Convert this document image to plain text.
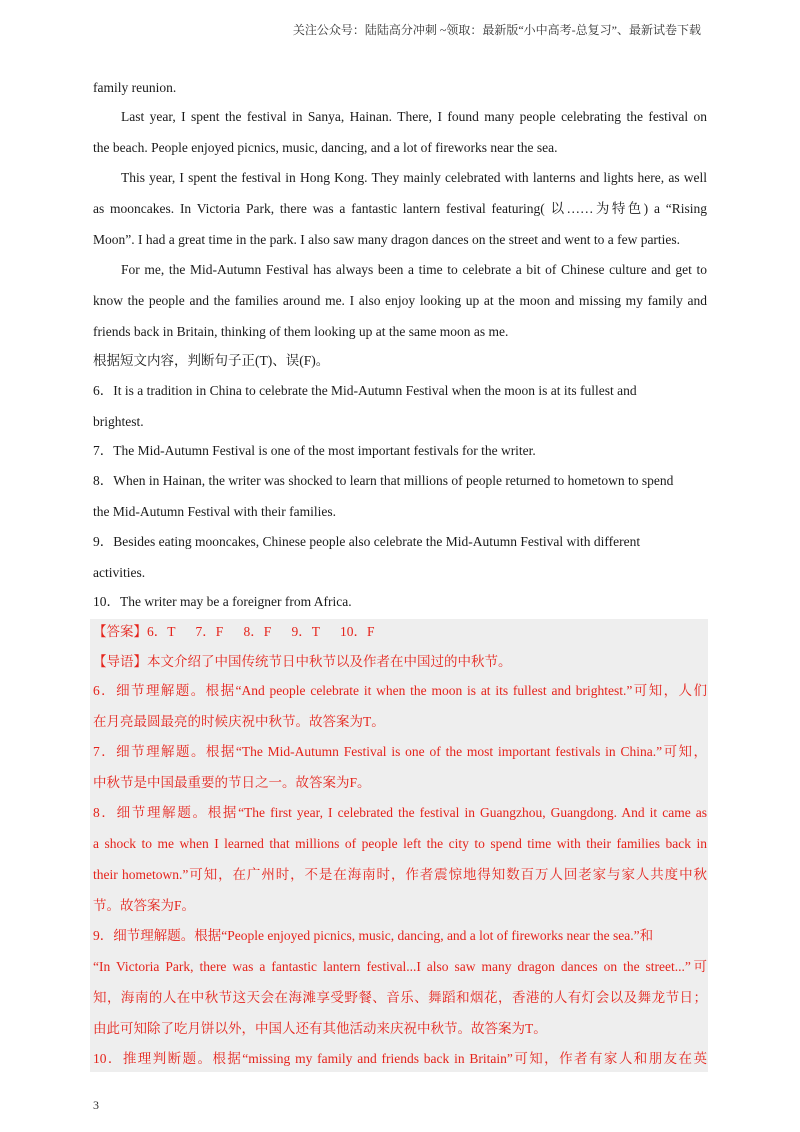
关注公众号：陆陆高分冲刺 ~领取：最新版“小中高考-总复习”、最新试卷下载
family reunion.
Last year, I spent the festival in Sanya, Hainan. There, I found many people celebrating the festival on
the beach. People enjoyed picnics, music, dancing, and a lot of fireworks near the sea.
This year, I spent the festival in Hong Kong. They mainly celebrated with lanterns and lights here, as well
as mooncakes. In Victoria Park, there was a fantastic lantern festival featuring( 以……为特色) a “Rising
Moon”. I had a great time in the park. I also saw many dragon dances on the street and went to a few parties.
For me, the Mid-Autumn Festival has always been a time to celebrate a bit of Chinese culture and get to
know the people and the families around me. I also enjoy looking up at the moon and missing my family and
friends back in Britain, thinking of them looking up at the same moon as me.
根据短文内容，判断句子正(T)、误(F)。
6．It is a tradition in China to celebrate the Mid-Autumn Festival when the moon is at its fullest and
brightest.
7．The Mid-Autumn Festival is one of the most important festivals for the writer.
8．When in Hainan, the writer was shocked to learn that millions of people returned to hometown to spend
the Mid-Autumn Festival with their families.
9．Besides eating mooncakes, Chinese people also celebrate the Mid-Autumn Festival with different
activities.
10．The writer may be a foreigner from Africa.
【答案】6．T      7．F      8．F      9．T      10．F
【导语】本文介绍了中国传统节日中秋节以及作者在中国过的中秋节。
6．细节理解题。根据“And people celebrate it when the moon is at its fullest and brightest.”可知，人们
在月亮最圆最亮的时候庆祝中秋节。故答案为T。
7．细节理解题。根据“The Mid-Autumn Festival is one of the most important festivals in China.”可知，
中秋节是中国最重要的节日之一。故答案为F。
8．细节理解题。根据“The first year, I celebrated the festival in Guangzhou, Guangdong. And it came as
a shock to me when I learned that millions of people left the city to spend time with their families back in
their hometown.”可知，在广州时，不是在海南时，作者震惊地得知数百万人回老家与家人共度中秋
节。故答案为F。
9．细节理解题。根据“People enjoyed picnics, music, dancing, and a lot of fireworks near the sea.”和
“In Victoria Park, there was a fantastic lantern festival...I also saw many dragon dances on the street...”可
知，海南的人在中秋节这天会在海滩享受野餐、音乐、舞蹈和烟花，香港的人有灯会以及舞龙节日；
由此可知除了吃月饼以外，中国人还有其他活动来庆祝中秋节。故答案为T。
10．推理判断题。根据“missing my family and friends back in Britain”可知，作者有家人和朋友在英
3
